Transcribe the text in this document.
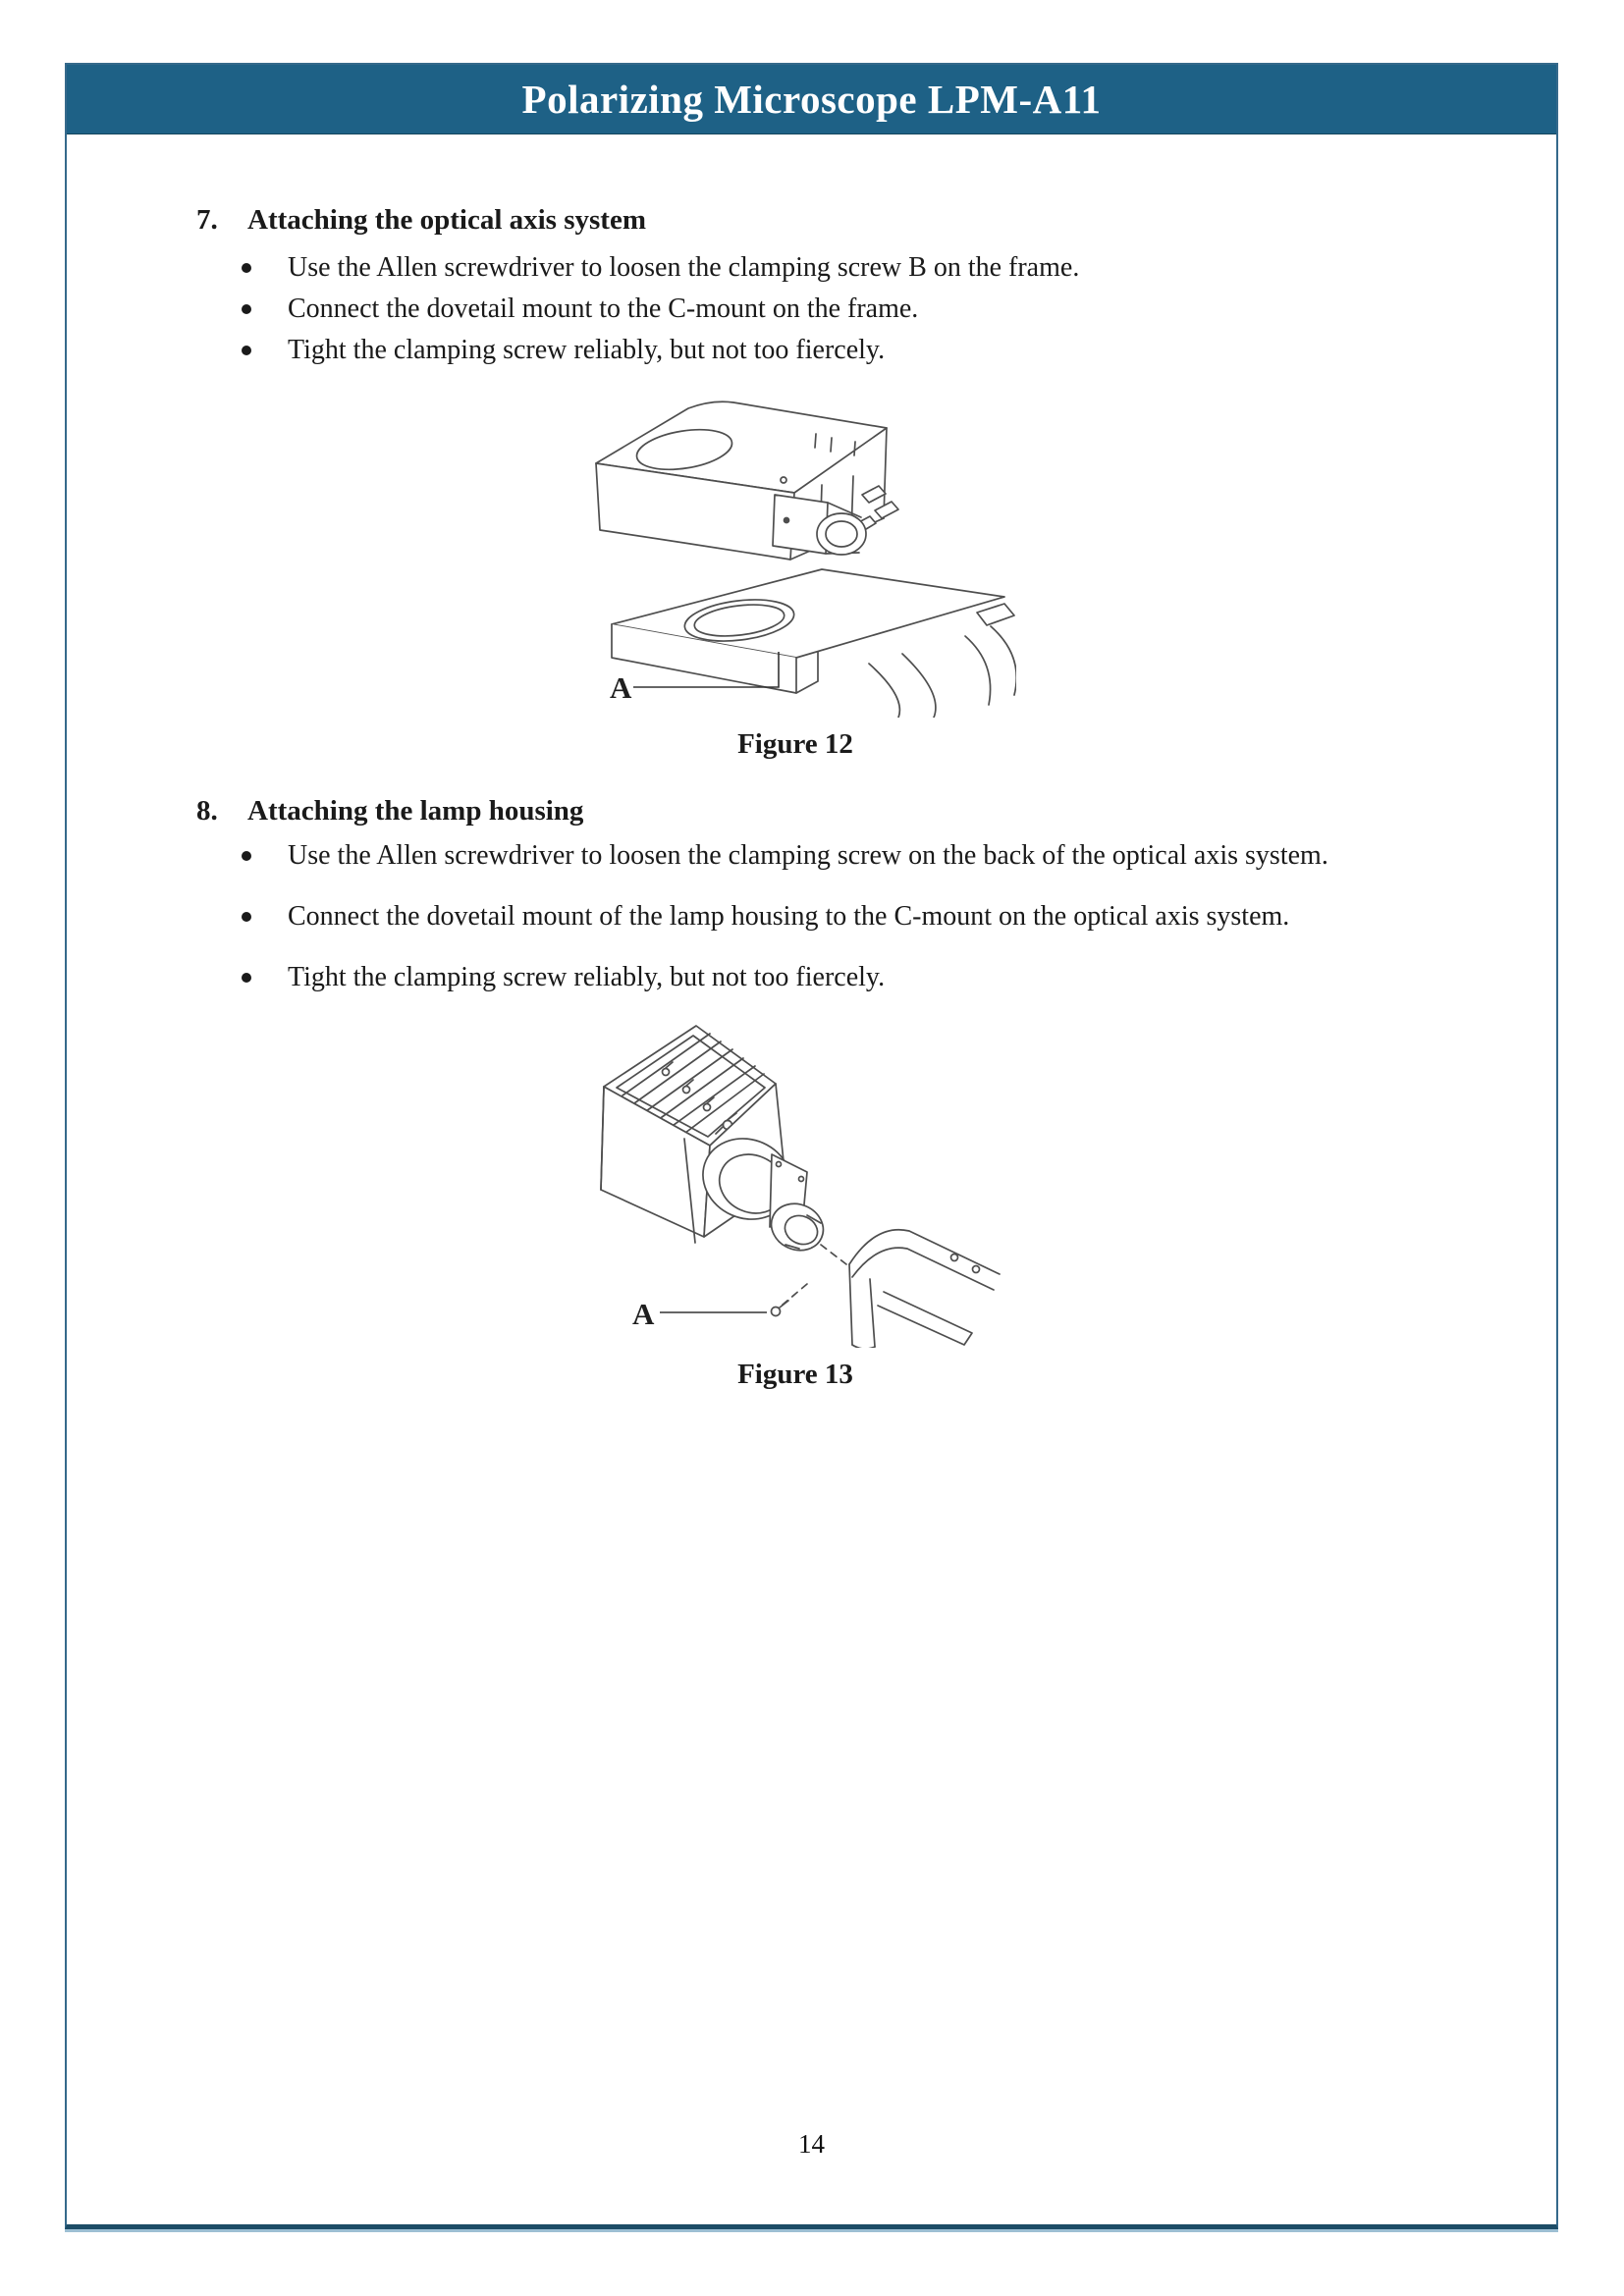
Polarizing Microscope LPM-A11
7.	Attaching the optical axis system
Use the Allen screwdriver to loosen the clamping screw B on the frame.
Connect the dovetail mount to the C-mount on the frame.
Tight the clamping screw reliably, but not too fiercely.
A
Figure 12
8.	Attaching the lamp housing
Use the Allen screwdriver to loosen the clamping screw on the back of the optical axis system.
Connect the dovetail mount of the lamp housing to the C-mount on the optical axis system.
Tight the clamping screw reliably, but not too fiercely.
A
Figure 13
14
